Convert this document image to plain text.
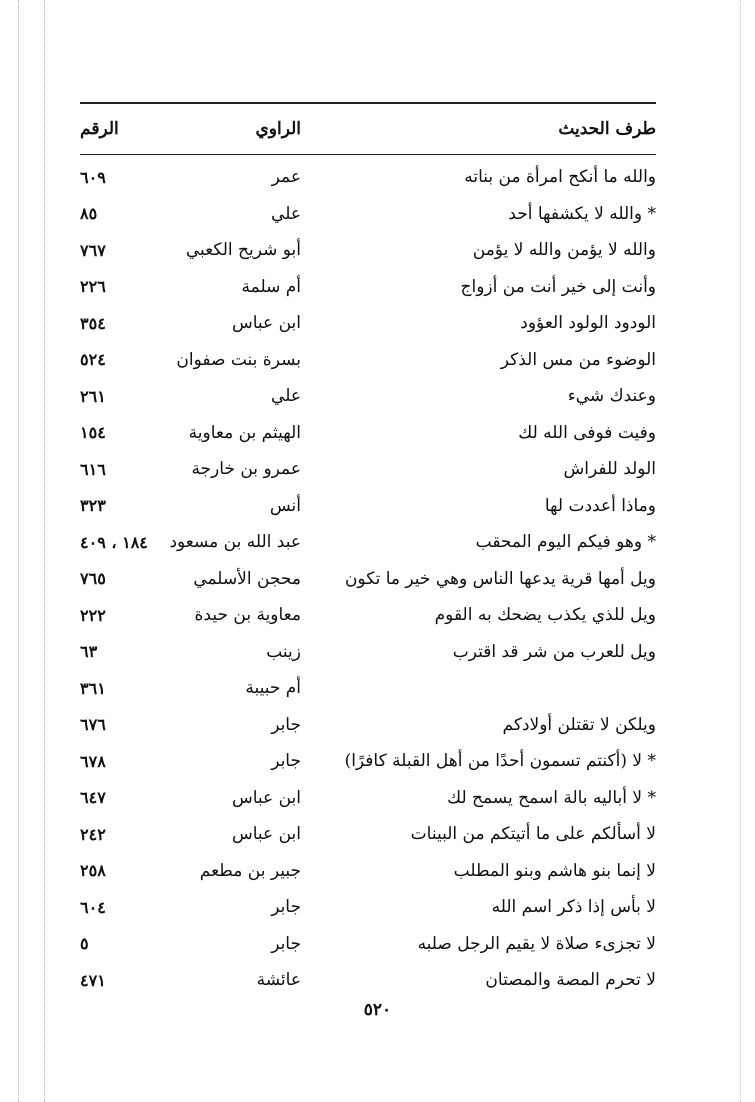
طرف الحديث
الراوي
الرقم
والله ما أنكح امرأة من بناته
عمر
٦٠٩
* والله لا يكشفها أحد
علي
٨٥
والله لا يؤمن والله لا يؤمن
أبو شريح الكعبي
٧٦٧
وأنت إلى خير أنت من أزواج
أم سلمة
٢٢٦
الودود الولود العؤود
ابن عباس
٣٥٤
الوضوء من مس الذكر
بسرة بنت صفوان
٥٢٤
وعندك شيء
علي
٢٦١
وفيت فوفى الله لك
الهيثم بن معاوية
١٥٤
الولد للفراش
عمرو بن خارجة
٦١٦
وماذا أعددت لها
أنس
٣٢٣
* وهو فيكم اليوم المحقب
عبد الله بن مسعود
١٨٤ ، ٤٠٩
ويل أمها قرية يدعها الناس وهي خير ما تكون
محجن الأسلمي
٧٦٥
ويل للذي يكذب يضحك به القوم
معاوية بن حيدة
٢٢٢
ويل للعرب من شر قد اقترب
زينب
٦٣
أم حبيبة
٣٦١
ويلكن لا تقتلن أولادكم
جابر
٦٧٦
* لا (أكنتم تسمون أحدًا من أهل القبلة كافرًا)
جابر
٦٧٨
* لا أباليه بالة اسمح يسمح لك
ابن عباس
٦٤٧
لا أسألكم على ما أتيتكم من البينات
ابن عباس
٢٤٢
لا إنما بنو هاشم وبنو المطلب
جبير بن مطعم
٢٥٨
لا بأس إذا ذكر اسم الله
جابر
٦٠٤
لا تجزىء صلاة لا يقيم الرجل صلبه
جابر
٥
لا تحرم المصة والمصتان
عائشة
٤٧١
٥٢٠
